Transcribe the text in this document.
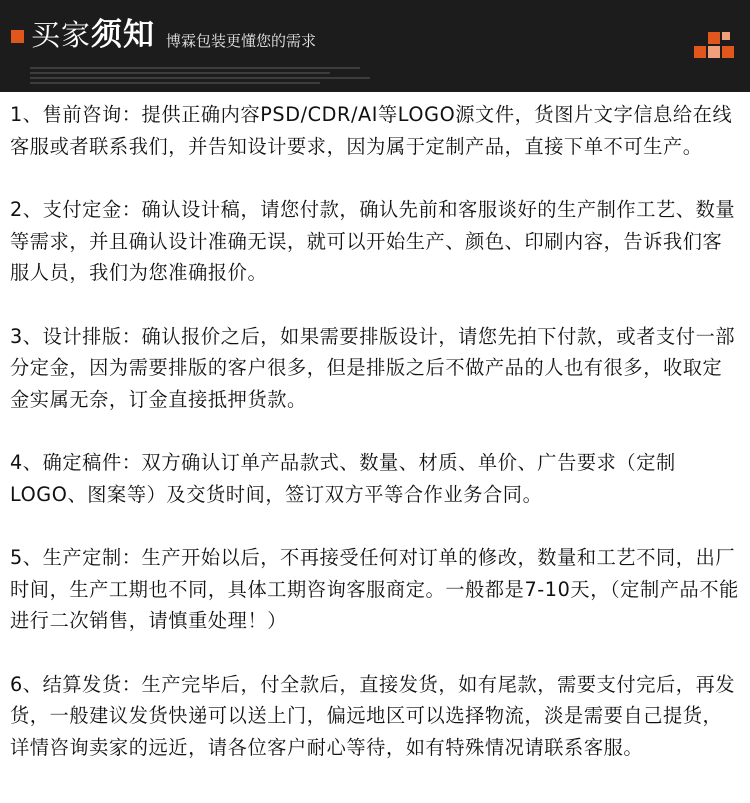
买家须知 博霖包装更懂您的需求

1、售前咨询：提供正确内容PSD/CDR/AI等LOGO源文件，货图片文字信息给在线客服或者联系我们，并告知设计要求，因为属于定制产品，直接下单不可生产。

2、支付定金：确认设计稿，请您付款，确认先前和客服谈好的生产制作工艺、数量等需求，并且确认设计准确无误，就可以开始生产、颜色、印刷内容，告诉我们客服人员，我们为您准确报价。

3、设计排版：确认报价之后，如果需要排版设计，请您先拍下付款，或者支付一部分定金，因为需要排版的客户很多，但是排版之后不做产品的人也有很多，收取定金实属无奈，订金直接抵押货款。

4、确定稿件：双方确认订单产品款式、数量、材质、单价、广告要求（定制LOGO、图案等）及交货时间，签订双方平等合作业务合同。

5、生产定制：生产开始以后，不再接受任何对订单的修改，数量和工艺不同，出厂时间，生产工期也不同，具体工期咨询客服商定。一般都是7-10天，（定制产品不能进行二次销售，请慎重处理！）

6、结算发货：生产完毕后，付全款后，直接发货，如有尾款，需要支付完后，再发货，一般建议发货快递可以送上门，偏远地区可以选择物流，淡是需要自己提货，详情咨询卖家的远近，请各位客户耐心等待，如有特殊情况请联系客服。
